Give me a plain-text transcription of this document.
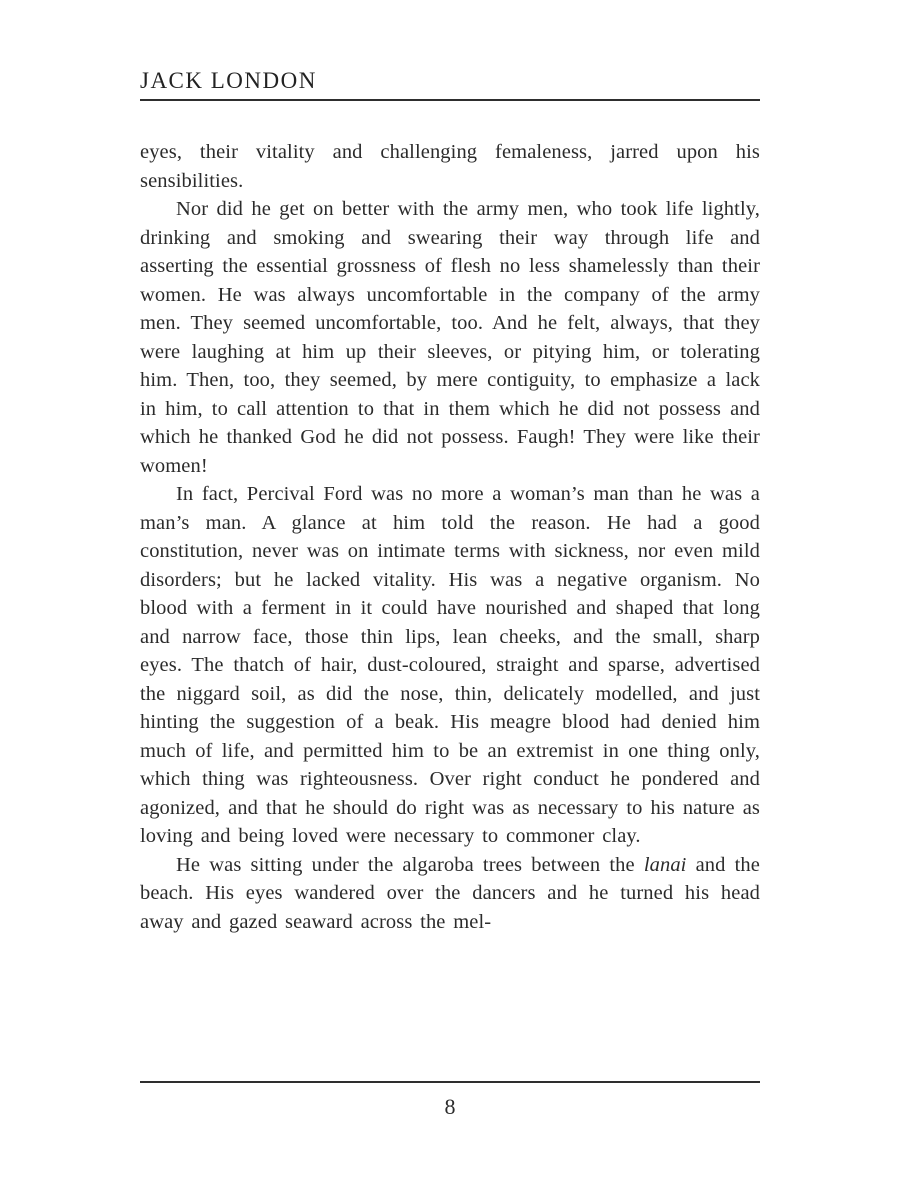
JACK LONDON

eyes, their vitality and challenging femaleness, jarred upon his sensibilities.

Nor did he get on better with the army men, who took life lightly, drinking and smoking and swearing their way through life and asserting the essential grossness of flesh no less shamelessly than their women. He was always uncomfortable in the company of the army men. They seemed uncomfortable, too. And he felt, always, that they were laughing at him up their sleeves, or pitying him, or tolerating him. Then, too, they seemed, by mere contiguity, to emphasize a lack in him, to call attention to that in them which he did not possess and which he thanked God he did not possess. Faugh! They were like their women!

In fact, Percival Ford was no more a woman’s man than he was a man’s man. A glance at him told the reason. He had a good constitution, never was on intimate terms with sickness, nor even mild disorders; but he lacked vitality. His was a negative organism. No blood with a ferment in it could have nourished and shaped that long and narrow face, those thin lips, lean cheeks, and the small, sharp eyes. The thatch of hair, dust-coloured, straight and sparse, advertised the niggard soil, as did the nose, thin, delicately modelled, and just hinting the suggestion of a beak. His meagre blood had denied him much of life, and permitted him to be an extremist in one thing only, which thing was righteousness. Over right conduct he pondered and agonized, and that he should do right was as necessary to his nature as loving and being loved were necessary to commoner clay.

He was sitting under the algaroba trees between the lanai and the beach. His eyes wandered over the dancers and he turned his head away and gazed seaward across the mel-

8
